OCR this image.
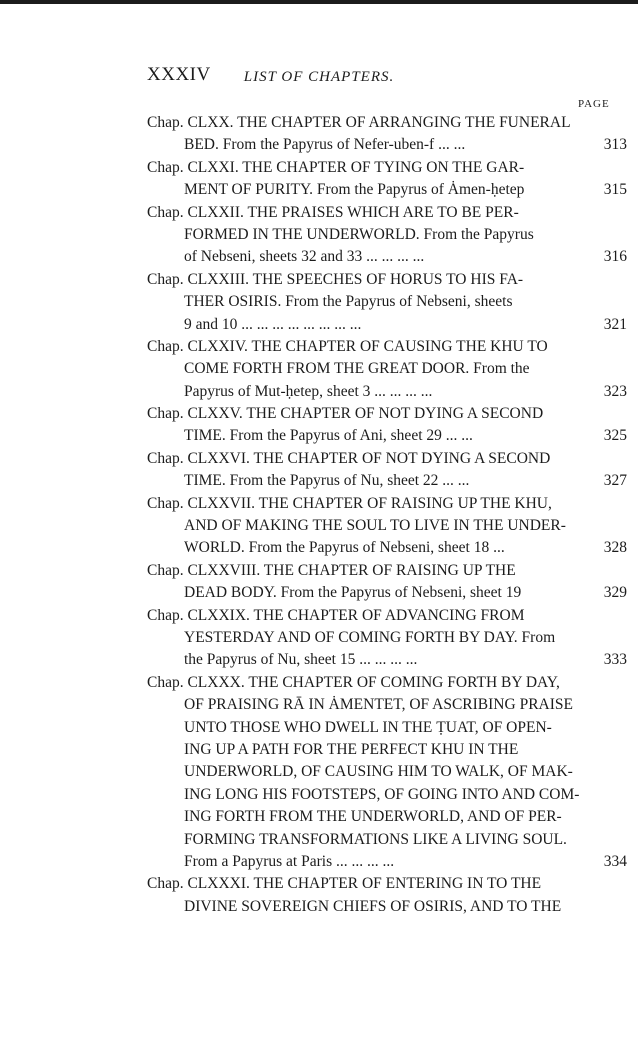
XXXIV	LIST OF CHAPTERS.
PAGE
Chap. CLXX. THE CHAPTER OF ARRANGING THE FUNERAL
BED. From the Papyrus of Nefer-uben-f ... ...	313
Chap. CLXXI. THE CHAPTER OF TYING ON THE GAR-
MENT OF PURITY. From the Papyrus of Ȧmen-ḥetep	315
Chap. CLXXII. THE PRAISES WHICH ARE TO BE PER-
FORMED IN THE UNDERWORLD. From the Papyrus
of Nebseni, sheets 32 and 33 ... ... ... ...	316
Chap. CLXXIII. THE SPEECHES OF HORUS TO HIS FA-
THER OSIRIS. From the Papyrus of Nebseni, sheets
9 and 10 ... ... ... ... ... ... ... ...	321
Chap. CLXXIV. THE CHAPTER OF CAUSING THE KHU TO
COME FORTH FROM THE GREAT DOOR. From the
Papyrus of Mut-ḥetep, sheet 3 ... ... ... ...	323
Chap. CLXXV. THE CHAPTER OF NOT DYING A SECOND
TIME. From the Papyrus of Ani, sheet 29 ... ...	325
Chap. CLXXVI. THE CHAPTER OF NOT DYING A SECOND
TIME. From the Papyrus of Nu, sheet 22 ... ...	327
Chap. CLXXVII. THE CHAPTER OF RAISING UP THE KHU,
AND OF MAKING THE SOUL TO LIVE IN THE UNDER-
WORLD. From the Papyrus of Nebseni, sheet 18 ...	328
Chap. CLXXVIII. THE CHAPTER OF RAISING UP THE
DEAD BODY. From the Papyrus of Nebseni, sheet 19	329
Chap. CLXXIX. THE CHAPTER OF ADVANCING FROM
YESTERDAY AND OF COMING FORTH BY DAY. From
the Papyrus of Nu, sheet 15 ... ... ... ...	333
Chap. CLXXX. THE CHAPTER OF COMING FORTH BY DAY,
OF PRAISING RĀ IN ȦMENTET, OF ASCRIBING PRAISE
UNTO THOSE WHO DWELL IN THE ṬUAT, OF OPEN-
ING UP A PATH FOR THE PERFECT KHU IN THE
UNDERWORLD, OF CAUSING HIM TO WALK, OF MAK-
ING LONG HIS FOOTSTEPS, OF GOING INTO AND COM-
ING FORTH FROM THE UNDERWORLD, AND OF PER-
FORMING TRANSFORMATIONS LIKE A LIVING SOUL.
From a Papyrus at Paris ... ... ... ...	334
Chap. CLXXXI. THE CHAPTER OF ENTERING IN TO THE
DIVINE SOVEREIGN CHIEFS OF OSIRIS, AND TO THE
